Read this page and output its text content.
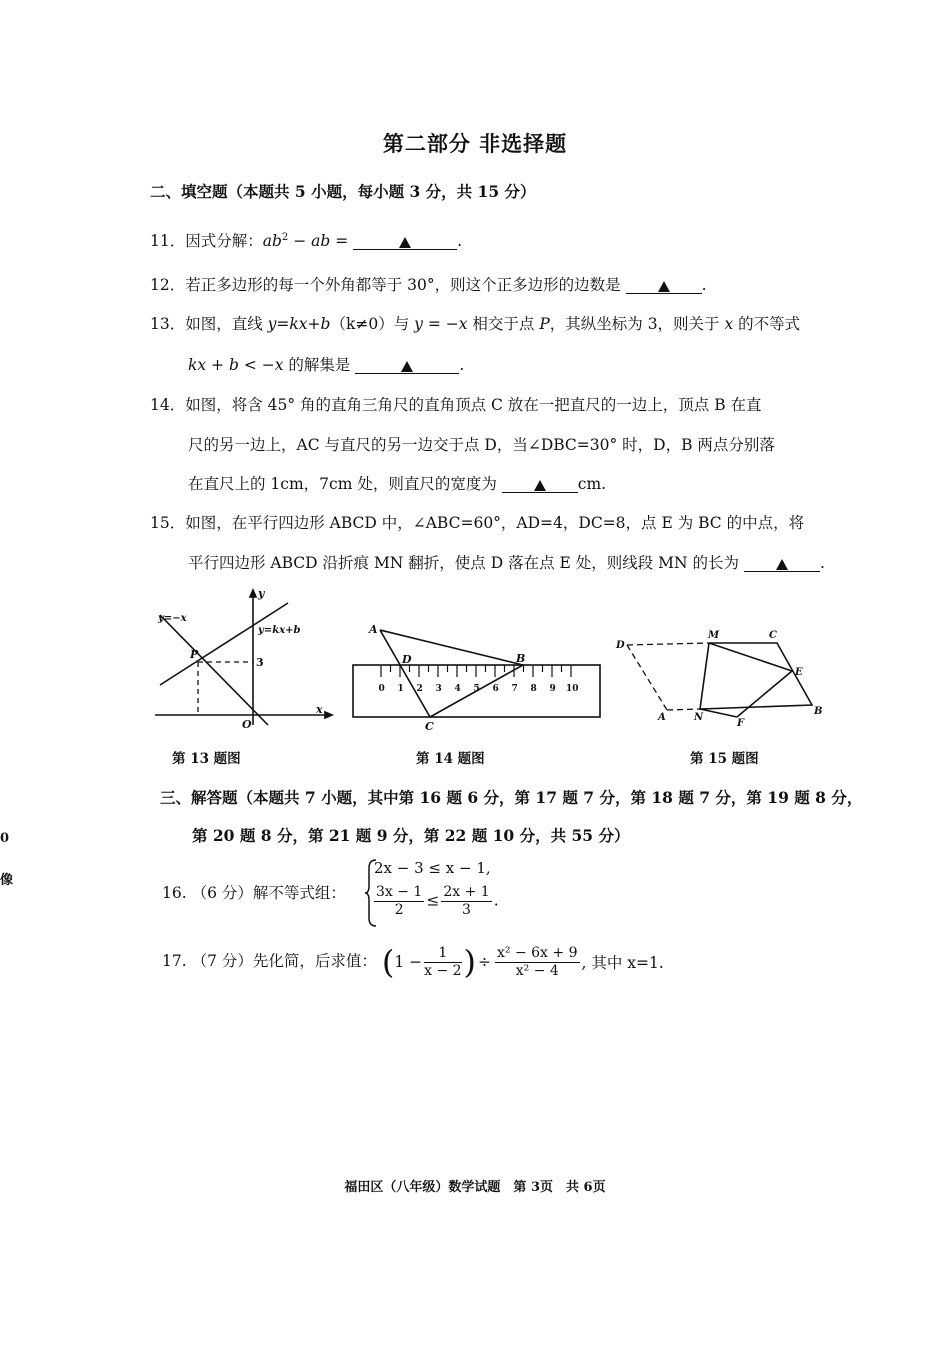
第二部分 非选择题
二、填空题（本题共 5 小题，每小题 3 分，共 15 分）
11．因式分解：$ab^2$ − ab =	.
12．若正多边形的每一个外角都等于 30°，则这个正多边形的边数是	.
13．如图，直线 y=kx+b（k≠0）与 y = −x 相交于点 P，其纵坐标为 3，则关于 x 的不等式
kx + b < −x 的解集是	.
14．如图，将含 45° 角的直角三角尺的直角顶点 C 放在一把直尺的一边上，顶点 B 在直
尺的另一边上，AC 与直尺的另一边交于点 D，当∠DBC=30° 时，D，B 两点分别落
在直尺上的 1cm，7cm 处，则直尺的宽度为	cm.
15．如图，在平行四边形 ABCD 中，∠ABC=60°，AD=4，DC=8，点 E 为 BC 的中点，将
平行四边形 ABCD 沿折痕 MN 翻折，使点 D 落在点 E 处，则线段 MN 的长为	.
y
x
O
P
3
y=−x
y=kx+b
第 13 题图
A
B
C
D
0 1 2 3 4 5 6 7 8 9 10
第 14 题图
D
M	C
E
B
A	N
F
第 15 题图
三、解答题（本题共 7 小题，其中第 16 题 6 分，第 17 题 7 分，第 18 题 7 分，第 19 题 8 分，
第 20 题 8 分，第 21 题 9 分，第 22 题 10 分，共 55 分）
16. （6 分）解不等式组：
2x − 3 ≤ x − 1,
$\frac{3x - 1}{2} \le \frac{2x + 1}{3}$ .
17. （7 分）先化简，后求值： ($1 - \frac{1}{x - 2}$ ) ÷ $\frac{\text{x² − 6x + 9}}{\text{x² − 4}}$ , 其中 x=1.
福田区（八年级）数学试题　第 3页　共 6页
0
像
